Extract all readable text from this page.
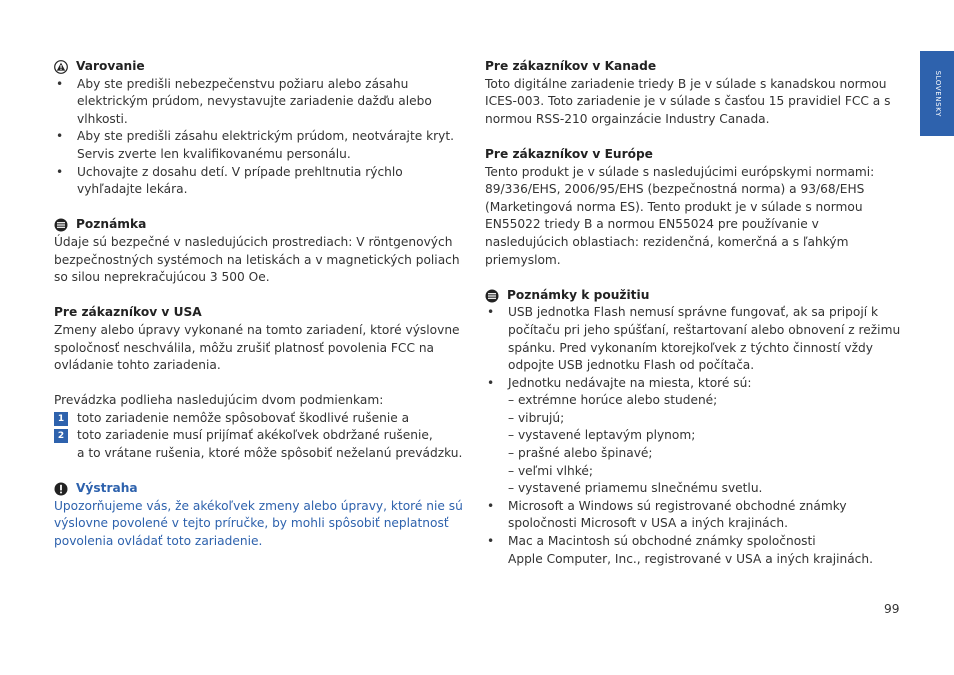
SLOVENSKY
Varovanie
• Aby ste predišli nebezpečenstvu požiaru alebo zásahu elektrickým prúdom, nevystavujte zariadenie dažďu alebo vlhkosti.
• Aby ste predišli zásahu elektrickým prúdom, neotvárajte kryt. Servis zverte len kvalifikovanému personálu.
• Uchovajte z dosahu detí. V prípade prehltnutia rýchlo vyhľadajte lekára.
Poznámka

Údaje sú bezpečné v nasledujúcich prostrediach: V röntgenových bezpečnostných systémoch na letiskách a v magnetických poliach so silou neprekračujúcou 3 500 Oe.

Pre zákazníkov v USA

Zmeny alebo úpravy vykonané na tomto zariadení, ktoré výslovne spoločnosť neschválila, môžu zrušiť platnosť povolenia FCC na ovládanie tohto zariadenia.

Prevádzka podlieha nasledujúcim dvom podmienkam:

1	toto zariadenie nemôže spôsobovať škodlivé rušenie a
2	toto zariadenie musí prijímať akékoľvek obdržané rušenie,

a to vrátane rušenia, ktoré môže spôsobiť neželanú prevádzku.

Výstraha

Upozorňujeme vás, že akékoľvek zmeny alebo úpravy, ktoré nie sú výslovne povolené v tejto príručke, by mohli spôsobiť neplatnosť povolenia ovládať toto zariadenie.

Pre zákazníkov v Kanade

Toto digitálne zariadenie triedy B je v súlade s kanadskou normou ICES-003. Toto zariadenie je v súlade s časťou 15 pravidiel FCC a s normou RSS-210 orgainzácie Industry Canada.

Pre zákazníkov v Európe

Tento produkt je v súlade s nasledujúcimi európskymi normami: 89/336/EHS, 2006/95/EHS (bezpečnostná norma) a 93/68/EHS (Marketingová norma ES). Tento produkt je v súlade s normou EN55022 triedy B a normou EN55024 pre používanie v nasledujúcich oblastiach: rezidenčná, komerčná a s ľahkým priemyslom.

Poznámky k použitiu
• USB jednotka Flash nemusí správne fungovať, ak sa pripojí k počítaču pri jeho spúšťaní, reštartovaní alebo obnovení z režimu spánku. Pred vykonaním ktorejkoľvek z týchto činností vždy odpojte USB jednotku Flash od počítača.
• Jednotku nedávajte na miesta, ktoré sú:
– extrémne horúce alebo studené;
– vibrujú;
– vystavené leptavým plynom;
– prašné alebo špinavé;
– veľmi vlhké;
– vystavené priamemu slnečnému svetlu.
• Microsoft a Windows sú registrované obchodné známky spoločnosti Microsoft v USA a iných krajinách.
• Mac a Macintosh sú obchodné známky spoločnosti
Apple Computer, Inc., registrované v USA a iných krajinách.
99
